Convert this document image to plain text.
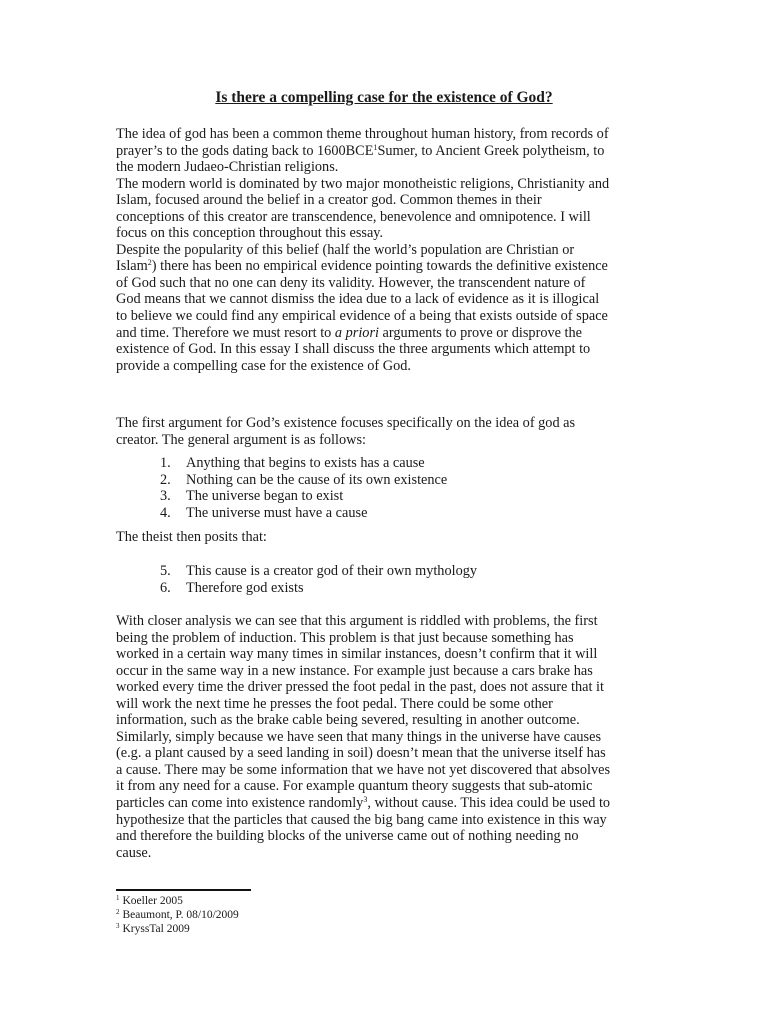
Is there a compelling case for the existence of God?
The idea of god has been a common theme throughout human history, from records of
prayer’s to the gods dating back to 1600BCE$^1$Sumer, to Ancient Greek polytheism, to
the modern Judaeo-Christian religions.
The modern world is dominated by two major monotheistic religions, Christianity and
Islam, focused around the belief in a creator god. Common themes in their
conceptions of this creator are transcendence, benevolence and omnipotence. I will
focus on this conception throughout this essay.
Despite the popularity of this belief (half the world’s population are Christian or
Islam$^2$) there has been no empirical evidence pointing towards the definitive existence
of God such that no one can deny its validity. However, the transcendent nature of
God means that we cannot dismiss the idea due to a lack of evidence as it is illogical
to believe we could find any empirical evidence of a being that exists outside of space
and time. Therefore we must resort to a priori arguments to prove or disprove the
existence of God. In this essay I shall discuss the three arguments which attempt to
provide a compelling case for the existence of God.
The first argument for God’s existence focuses specifically on the idea of god as
creator. The general argument is as follows:
1. Anything that begins to exists has a cause
2. Nothing can be the cause of its own existence
3. The universe began to exist
4. The universe must have a cause
The theist then posits that:
5. This cause is a creator god of their own mythology
6. Therefore god exists
With closer analysis we can see that this argument is riddled with problems, the first
being the problem of induction. This problem is that just because something has
worked in a certain way many times in similar instances, doesn’t confirm that it will
occur in the same way in a new instance. For example just because a cars brake has
worked every time the driver pressed the foot pedal in the past, does not assure that it
will work the next time he presses the foot pedal. There could be some other
information, such as the brake cable being severed, resulting in another outcome.
Similarly, simply because we have seen that many things in the universe have causes
(e.g. a plant caused by a seed landing in soil) doesn’t mean that the universe itself has
a cause. There may be some information that we have not yet discovered that absolves
it from any need for a cause. For example quantum theory suggests that sub-atomic
particles can come into existence randomly$^3$, without cause. This idea could be used to
hypothesize that the particles that caused the big bang came into existence in this way
and therefore the building blocks of the universe came out of nothing needing no
cause.
$^1$ Koeller 2005
$^2$ Beaumont, P. 08/10/2009
$^3$ KryssTal 2009
